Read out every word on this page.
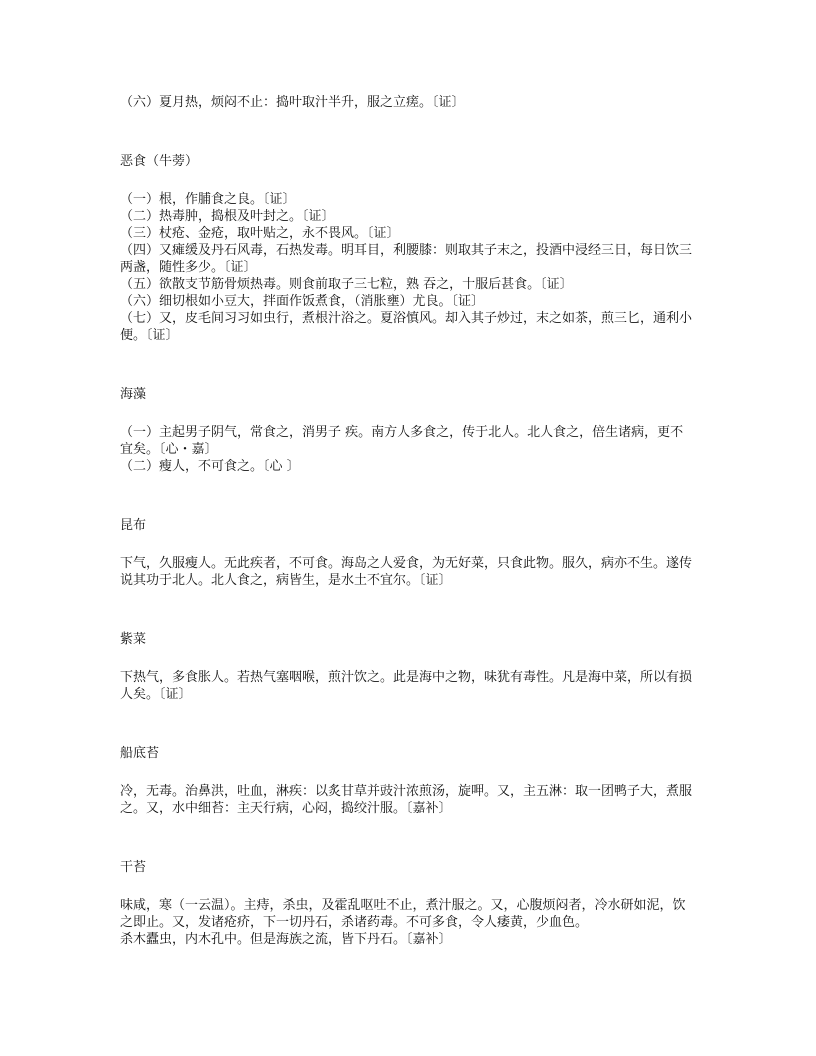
（六）夏月热，烦闷不止：捣叶取汁半升，服之立瘥。〔证〕

恶食（牛蒡）
（一）根，作脯食之良。〔证〕
（二）热毒肿，捣根及叶封之。〔证〕
（三）杖疮、金疮，取叶贴之，永不畏风。〔证〕
（四）又瘫缓及丹石风毒，石热发毒。明耳目，利腰膝：则取其子末之，投酒中浸经三日，每日饮三两盏，随性多少。〔证〕
（五）欲散支节筋骨烦热毒。则食前取子三七粒，熟 吞之，十服后甚食。〔证〕
（六）细切根如小豆大，拌面作饭煮食，（消胀壅）尤良。〔证〕
（七）又，皮毛间习习如虫行，煮根汁浴之。夏浴慎风。却入其子炒过，末之如茶，煎三匕，通利小便。〔证〕
海藻
（一）主起男子阴气，常食之，消男子 疾。南方人多食之，传于北人。北人食之，倍生诸病，更不宜矣。〔心・嘉〕
（二）瘦人，不可食之。〔心 〕
昆布
下气，久服瘦人。无此疾者，不可食。海岛之人爱食，为无好菜，只食此物。服久，病亦不生。遂传说其功于北人。北人食之，病皆生，是水土不宜尔。〔证〕
紫菜
下热气，多食胀人。若热气塞咽喉，煎汁饮之。此是海中之物，味犹有毒性。凡是海中菜，所以有损人矣。〔证〕
船底苔
冷，无毒。治鼻洪，吐血，淋疾：以炙甘草并豉汁浓煎汤，旋呷。又，主五淋：取一团鸭子大，煮服之。又，水中细苔：主天行病，心闷，捣绞汁服。〔嘉补〕
干苔
味咸，寒（一云温）。主痔，杀虫，及霍乱呕吐不止，煮汁服之。又，心腹烦闷者，冷水研如泥，饮之即止。又，发诸疮疥，下一切丹石，杀诸药毒。不可多食，令人痿黄，少血色。
杀木蠹虫，内木孔中。但是海族之流，皆下丹石。〔嘉补〕
